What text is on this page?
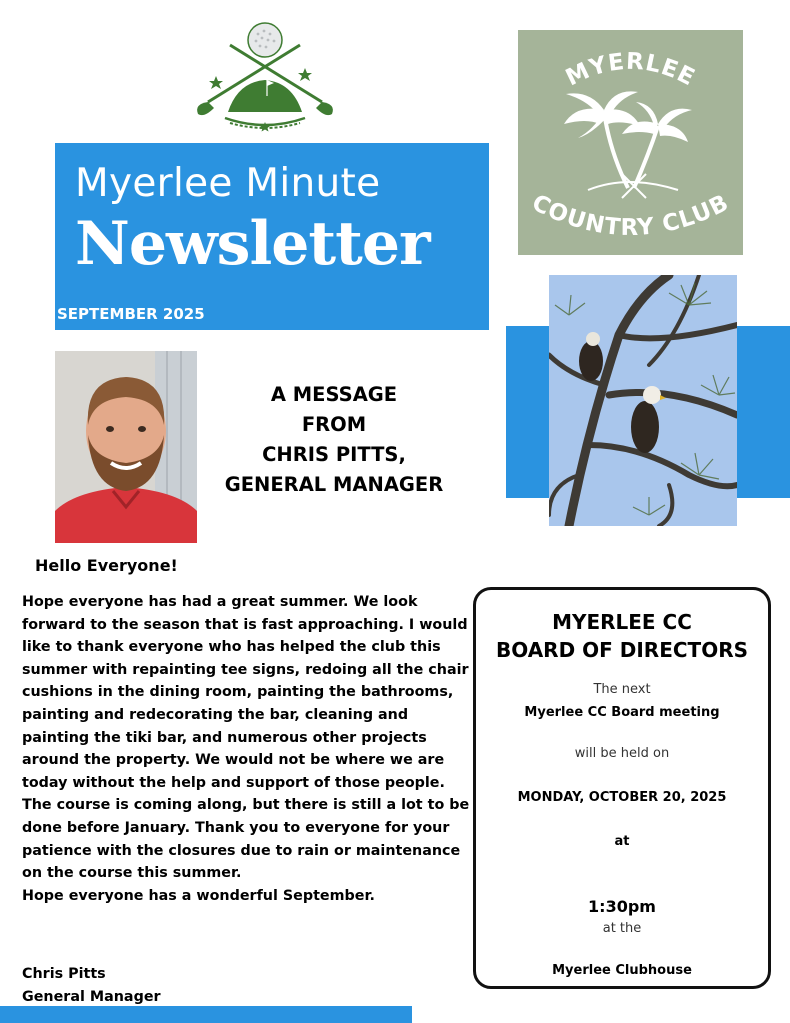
Myerlee Minute
Newsletter
SEPTEMBER 2025
MYERLEE
COUNTRY CLUB
A MESSAGE
FROM
CHRIS PITTS,
GENERAL MANAGER
Hello Everyone!

Hope everyone has had a great summer. We look forward to the season that is fast approaching. I would like to thank everyone who has helped the club this summer with repainting tee signs, redoing all the chair cushions in the dining room, painting the bathrooms, painting and redecorating the bar, cleaning and painting the tiki bar, and numerous other projects around the property. We would not be where we are today without the help and support of those people.

The course is coming along, but there is still a lot to be done before January. Thank you to everyone for your patience with the closures due to rain or maintenance on the course this summer.

Hope everyone has a wonderful September.

Chris Pitts
General Manager
MYERLEE CC
BOARD OF DIRECTORS
The next
Myerlee CC Board meeting
will be held on
MONDAY, OCTOBER 20, 2025
at
1:30pm
at the
Myerlee Clubhouse
